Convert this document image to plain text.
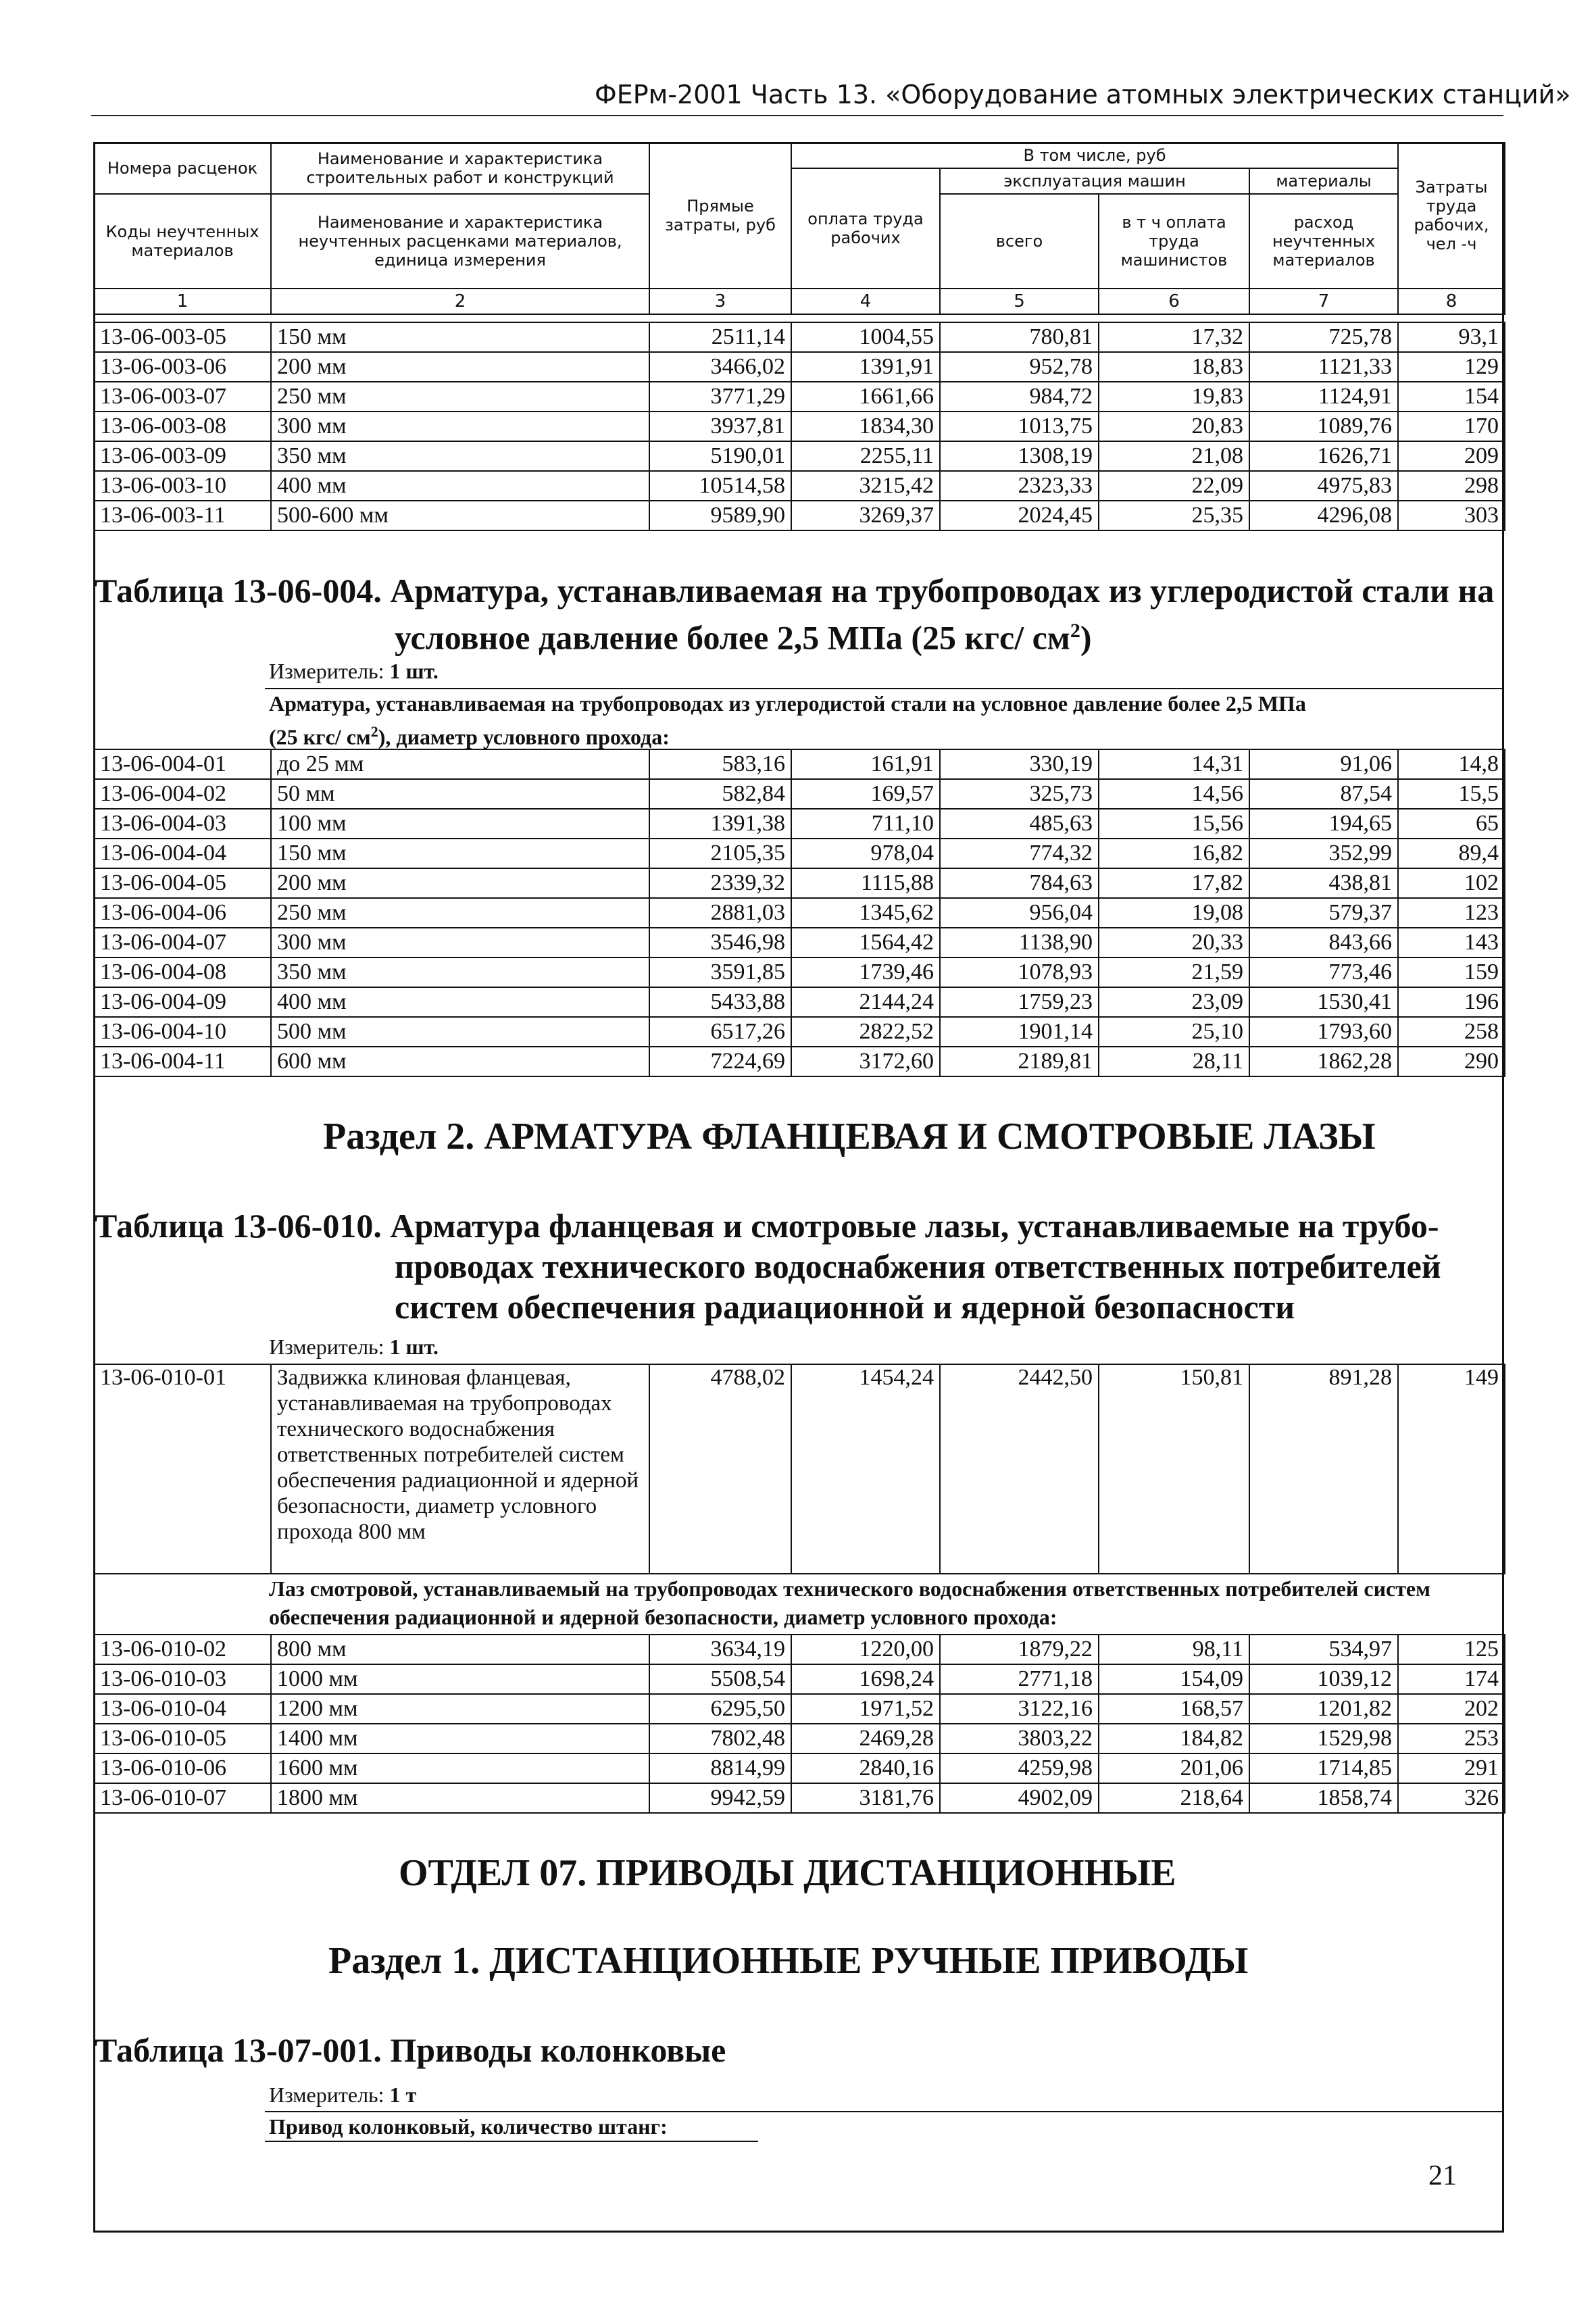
ФЕРм-2001 Часть 13. «Оборудование атомных электрических станций»
Номера расценок	Наименование и характеристика строительных работ и конструкций	Прямые затраты, руб	В том числе, руб				Затраты труда рабочих, чел -ч
			оплата труда рабочих	эксплуатация машин		материалы	
Коды неучтенных материалов	Наименование и характеристика неучтенных расценками материалов, единица измерения			всего	в т ч оплата труда машинистов	расход неучтенных материалов	

1	2	3	4	5	6	7	8
13-06-003-05	150 мм	2511,14	1004,55	780,81	17,32	725,78	93,1
13-06-003-06	200 мм	3466,02	1391,91	952,78	18,83	1121,33	129
13-06-003-07	250 мм	3771,29	1661,66	984,72	19,83	1124,91	154
13-06-003-08	300 мм	3937,81	1834,30	1013,75	20,83	1089,76	170
13-06-003-09	350 мм	5190,01	2255,11	1308,19	21,08	1626,71	209
13-06-003-10	400 мм	10514,58	3215,42	2323,33	22,09	4975,83	298
13-06-003-11	500-600 мм	9589,90	3269,37	2024,45	25,35	4296,08	303
Таблица 13-06-004. Арматура, устанавливаемая на трубопроводах из углеродистой стали на
условное давление более 2,5 МПа (25 кгс/ $см^2$)
Измеритель: 1 шт.
Арматура, устанавливаемая на трубопроводах из углеродистой стали на условное давление более 2,5 МПа
(25 кгс/ $см^2$), диаметр условного прохода:
13-06-004-01	до 25 мм	583,16	161,91	330,19	14,31	91,06	14,8
13-06-004-02	50 мм	582,84	169,57	325,73	14,56	87,54	15,5
13-06-004-03	100 мм	1391,38	711,10	485,63	15,56	194,65	65
13-06-004-04	150 мм	2105,35	978,04	774,32	16,82	352,99	89,4
13-06-004-05	200 мм	2339,32	1115,88	784,63	17,82	438,81	102
13-06-004-06	250 мм	2881,03	1345,62	956,04	19,08	579,37	123
13-06-004-07	300 мм	3546,98	1564,42	1138,90	20,33	843,66	143
13-06-004-08	350 мм	3591,85	1739,46	1078,93	21,59	773,46	159
13-06-004-09	400 мм	5433,88	2144,24	1759,23	23,09	1530,41	196
13-06-004-10	500 мм	6517,26	2822,52	1901,14	25,10	1793,60	258
13-06-004-11	600 мм	7224,69	3172,60	2189,81	28,11	1862,28	290
Раздел 2. АРМАТУРА ФЛАНЦЕВАЯ И СМОТРОВЫЕ ЛАЗЫ
Таблица 13-06-010. Арматура фланцевая и смотровые лазы, устанавливаемые на трубо-
проводах технического водоснабжения ответственных потребителей
систем обеспечения радиационной и ядерной безопасности
Измеритель: 1 шт.
13-06-010-01	Задвижка клиновая фланцевая, устанавливаемая на трубопроводах технического водоснабжения ответственных потребителей систем обеспечения радиационной и ядерной безопасности, диаметр условного прохода 800 мм	4788,02	1454,24	2442,50	150,81	891,28	149
Лаз смотровой, устанавливаемый на трубопроводах технического водоснабжения ответственных потребителей систем обеспечения радиационной и ядерной безопасности, диаметр условного прохода:
13-06-010-02	800 мм	3634,19	1220,00	1879,22	98,11	534,97	125
13-06-010-03	1000 мм	5508,54	1698,24	2771,18	154,09	1039,12	174
13-06-010-04	1200 мм	6295,50	1971,52	3122,16	168,57	1201,82	202
13-06-010-05	1400 мм	7802,48	2469,28	3803,22	184,82	1529,98	253
13-06-010-06	1600 мм	8814,99	2840,16	4259,98	201,06	1714,85	291
13-06-010-07	1800 мм	9942,59	3181,76	4902,09	218,64	1858,74	326
ОТДЕЛ 07. ПРИВОДЫ ДИСТАНЦИОННЫЕ
Раздел 1. ДИСТАНЦИОННЫЕ РУЧНЫЕ ПРИВОДЫ
Таблица 13-07-001. Приводы колонковые
Измеритель: 1 т
Привод колонковый, количество штанг:
21
